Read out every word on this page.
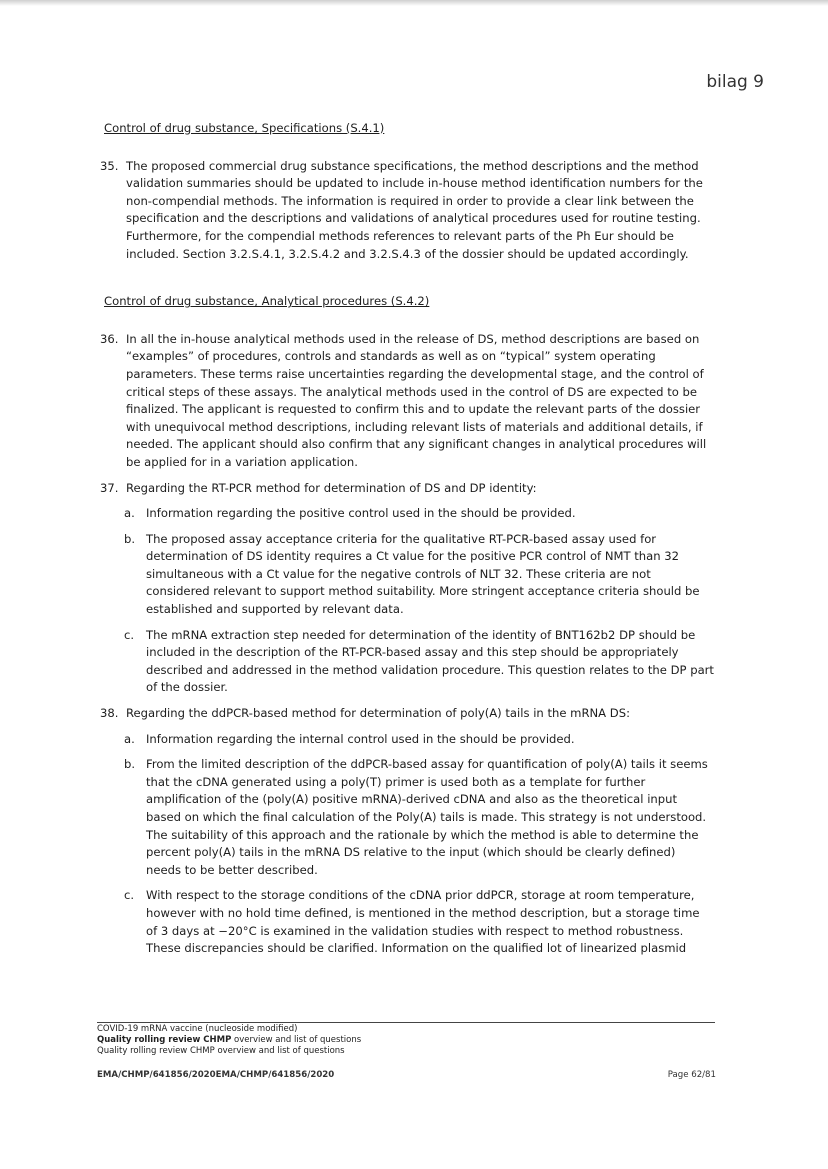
bilag 9
Control of drug substance, Specifications (S.4.1)
35. The proposed commercial drug substance specifications, the method descriptions and the method validation summaries should be updated to include in-house method identification numbers for the non-compendial methods. The information is required in order to provide a clear link between the specification and the descriptions and validations of analytical procedures used for routine testing. Furthermore, for the compendial methods references to relevant parts of the Ph Eur should be included. Section 3.2.S.4.1, 3.2.S.4.2 and 3.2.S.4.3 of the dossier should be updated accordingly.
Control of drug substance, Analytical procedures (S.4.2)
36. In all the in-house analytical methods used in the release of DS, method descriptions are based on “examples” of procedures, controls and standards as well as on “typical” system operating parameters. These terms raise uncertainties regarding the developmental stage, and the control of critical steps of these assays. The analytical methods used in the control of DS are expected to be finalized. The applicant is requested to confirm this and to update the relevant parts of the dossier with unequivocal method descriptions, including relevant lists of materials and additional details, if needed. The applicant should also confirm that any significant changes in analytical procedures will be applied for in a variation application.
37. Regarding the RT-PCR method for determination of DS and DP identity:
a. Information regarding the positive control used in the should be provided.
b. The proposed assay acceptance criteria for the qualitative RT-PCR-based assay used for determination of DS identity requires a Ct value for the positive PCR control of NMT than 32 simultaneous with a Ct value for the negative controls of NLT 32. These criteria are not considered relevant to support method suitability. More stringent acceptance criteria should be established and supported by relevant data.
c. The mRNA extraction step needed for determination of the identity of BNT162b2 DP should be included in the description of the RT-PCR-based assay and this step should be appropriately described and addressed in the method validation procedure. This question relates to the DP part of the dossier.
38. Regarding the ddPCR-based method for determination of poly(A) tails in the mRNA DS:
a. Information regarding the internal control used in the should be provided.
b. From the limited description of the ddPCR-based assay for quantification of poly(A) tails it seems that the cDNA generated using a poly(T) primer is used both as a template for further amplification of the (poly(A) positive mRNA)-derived cDNA and also as the theoretical input based on which the final calculation of the Poly(A) tails is made. This strategy is not understood. The suitability of this approach and the rationale by which the method is able to determine the percent poly(A) tails in the mRNA DS relative to the input (which should be clearly defined) needs to be better described.
c. With respect to the storage conditions of the cDNA prior ddPCR, storage at room temperature, however with no hold time defined, is mentioned in the method description, but a storage time of 3 days at −20°C is examined in the validation studies with respect to method robustness. These discrepancies should be clarified. Information on the qualified lot of linearized plasmid
COVID-19 mRNA vaccine (nucleoside modified)
Quality rolling review CHMP overview and list of questions
Quality rolling review CHMP overview and list of questions
EMA/CHMP/641856/2020EMA/CHMP/641856/2020	Page 62/81
